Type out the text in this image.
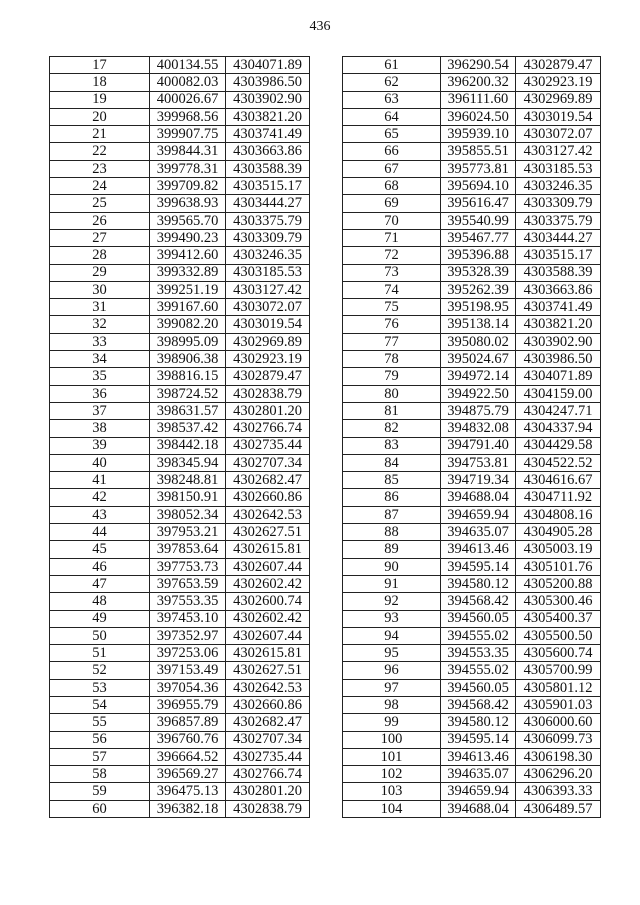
436
17	400134.55	4304071.89
18	400082.03	4303986.50
19	400026.67	4303902.90
20	399968.56	4303821.20
21	399907.75	4303741.49
22	399844.31	4303663.86
23	399778.31	4303588.39
24	399709.82	4303515.17
25	399638.93	4303444.27
26	399565.70	4303375.79
27	399490.23	4303309.79
28	399412.60	4303246.35
29	399332.89	4303185.53
30	399251.19	4303127.42
31	399167.60	4303072.07
32	399082.20	4303019.54
33	398995.09	4302969.89
34	398906.38	4302923.19
35	398816.15	4302879.47
36	398724.52	4302838.79
37	398631.57	4302801.20
38	398537.42	4302766.74
39	398442.18	4302735.44
40	398345.94	4302707.34
41	398248.81	4302682.47
42	398150.91	4302660.86
43	398052.34	4302642.53
44	397953.21	4302627.51
45	397853.64	4302615.81
46	397753.73	4302607.44
47	397653.59	4302602.42
48	397553.35	4302600.74
49	397453.10	4302602.42
50	397352.97	4302607.44
51	397253.06	4302615.81
52	397153.49	4302627.51
53	397054.36	4302642.53
54	396955.79	4302660.86
55	396857.89	4302682.47
56	396760.76	4302707.34
57	396664.52	4302735.44
58	396569.27	4302766.74
59	396475.13	4302801.20
60	396382.18	4302838.79
61	396290.54	4302879.47
62	396200.32	4302923.19
63	396111.60	4302969.89
64	396024.50	4303019.54
65	395939.10	4303072.07
66	395855.51	4303127.42
67	395773.81	4303185.53
68	395694.10	4303246.35
69	395616.47	4303309.79
70	395540.99	4303375.79
71	395467.77	4303444.27
72	395396.88	4303515.17
73	395328.39	4303588.39
74	395262.39	4303663.86
75	395198.95	4303741.49
76	395138.14	4303821.20
77	395080.02	4303902.90
78	395024.67	4303986.50
79	394972.14	4304071.89
80	394922.50	4304159.00
81	394875.79	4304247.71
82	394832.08	4304337.94
83	394791.40	4304429.58
84	394753.81	4304522.52
85	394719.34	4304616.67
86	394688.04	4304711.92
87	394659.94	4304808.16
88	394635.07	4304905.28
89	394613.46	4305003.19
90	394595.14	4305101.76
91	394580.12	4305200.88
92	394568.42	4305300.46
93	394560.05	4305400.37
94	394555.02	4305500.50
95	394553.35	4305600.74
96	394555.02	4305700.99
97	394560.05	4305801.12
98	394568.42	4305901.03
99	394580.12	4306000.60
100	394595.14	4306099.73
101	394613.46	4306198.30
102	394635.07	4306296.20
103	394659.94	4306393.33
104	394688.04	4306489.57
